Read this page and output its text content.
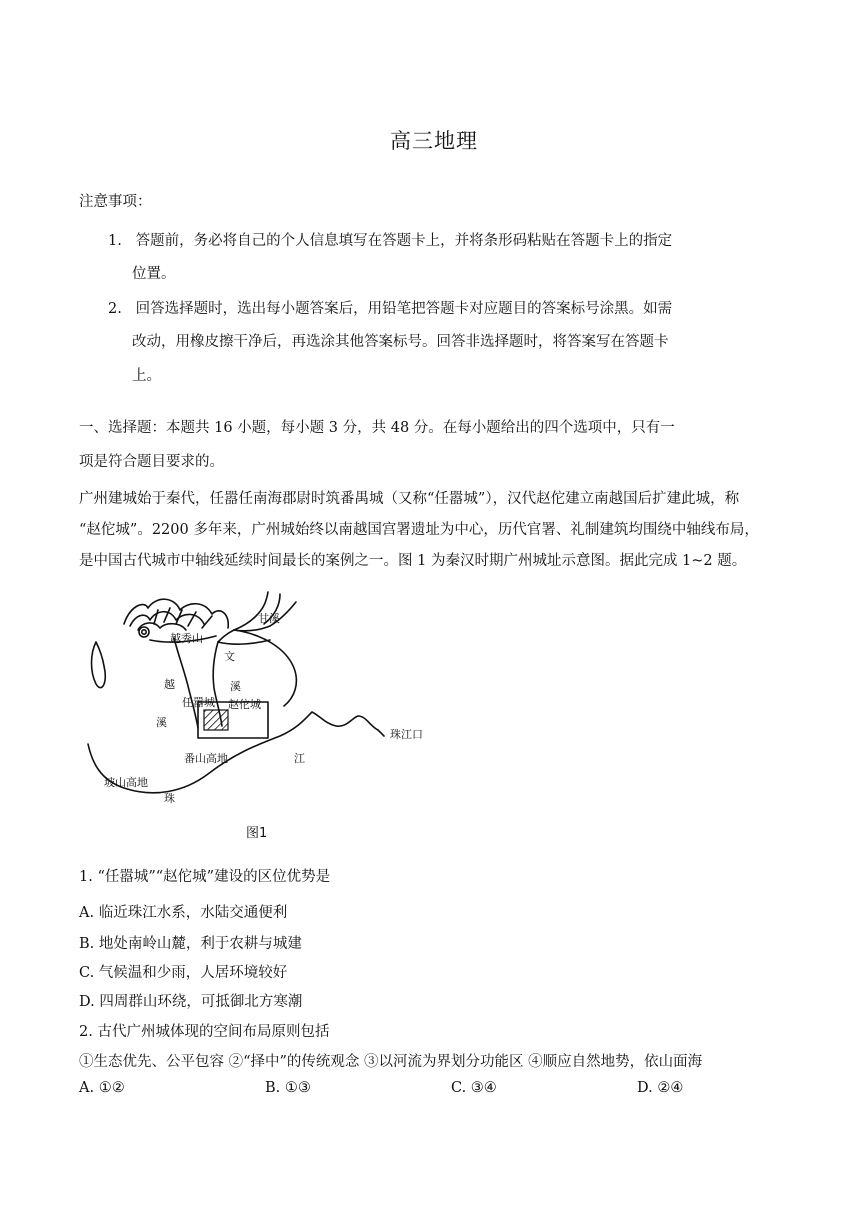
高三地理
注意事项：
1. 答题前，务必将自己的个人信息填写在答题卡上，并将条形码粘贴在答题卡上的指定
位置。
2. 回答选择题时，选出每小题答案后，用铅笔把答题卡对应题目的答案标号涂黑。如需
改动，用橡皮擦干净后，再选涂其他答案标号。回答非选择题时，将答案写在答题卡
上。
一、选择题：本题共 16 小题，每小题 3 分，共 48 分。在每小题给出的四个选项中，只有一
项是符合题目要求的。
广州建城始于秦代，任嚣任南海郡尉时筑番禺城（又称“任嚣城”），汉代赵佗建立南越国后扩建此城，称
“赵佗城”。2200 多年来，广州城始终以南越国宫署遗址为中心，历代官署、礼制建筑均围绕中轴线布局，
是中国古代城市中轴线延续时间最长的案例之一。图 1 为秦汉时期广州城址示意图。据此完成 1~2 题。
越秀山
甘溪
文
溪
越
溪
任嚣城 赵佗城
番山高地	江
珠江口
坡山高地
珠
图1
1. “任嚣城”“赵佗城”建设的区位优势是
A. 临近珠江水系，水陆交通便利
B. 地处南岭山麓，利于农耕与城建
C. 气候温和少雨，人居环境较好
D. 四周群山环绕，可抵御北方寒潮
2. 古代广州城体现的空间布局原则包括
①生态优先、公平包容 ②“择中”的传统观念 ③以河流为界划分功能区 ④顺应自然地势，依山面海
A. ①②	B. ①③	C. ③④	D. ②④
